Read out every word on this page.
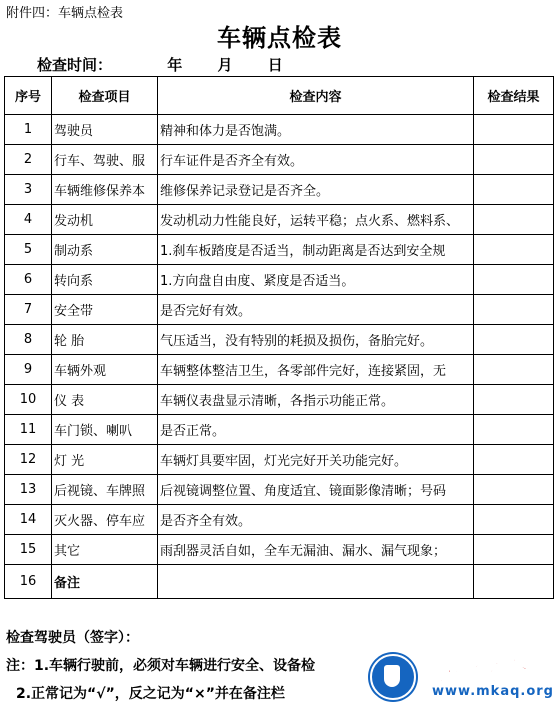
附件四：车辆点检表
车辆点检表
检查时间：	年 月 日
序号	检查项目	检查内容	检查结果
1	驾驶员	精神和体力是否饱满。	
2	行车、驾驶、服	行车证件是否齐全有效。	
3	车辆维修保养本	维修保养记录登记是否齐全。	
4	发动机	发动机动力性能良好，运转平稳；点火系、燃料系、	
5	制动系	1.刹车板踏度是否适当，制动距离是否达到安全规	
6	转向系	1.方向盘自由度、紧度是否适当。	
7	安全带	是否完好有效。	
8	轮 胎	气压适当，没有特别的耗损及损伤，备胎完好。	
9	车辆外观	车辆整体整洁卫生，各零部件完好，连接紧固，无	
10	仪 表	车辆仪表盘显示清晰，各指示功能正常。	
11	车门锁、喇叭	是否正常。	
12	灯 光	车辆灯具要牢固，灯光完好开关功能完好。	
13	后视镜、车牌照	后视镜调整位置、角度适宜、镜面影像清晰；号码	
14	灭火器、停车应	是否齐全有效。	
15	其它	雨刮器灵活自如，全车无漏油、漏水、漏气现象；	
16	备注		
检查驾驶员（签字）：
注：1.车辆行驶前，必须对车辆进行安全、设备检
2.正常记为“√”，反之记为“×”并在备注栏
煤矿安全网
www.mkaq.org
